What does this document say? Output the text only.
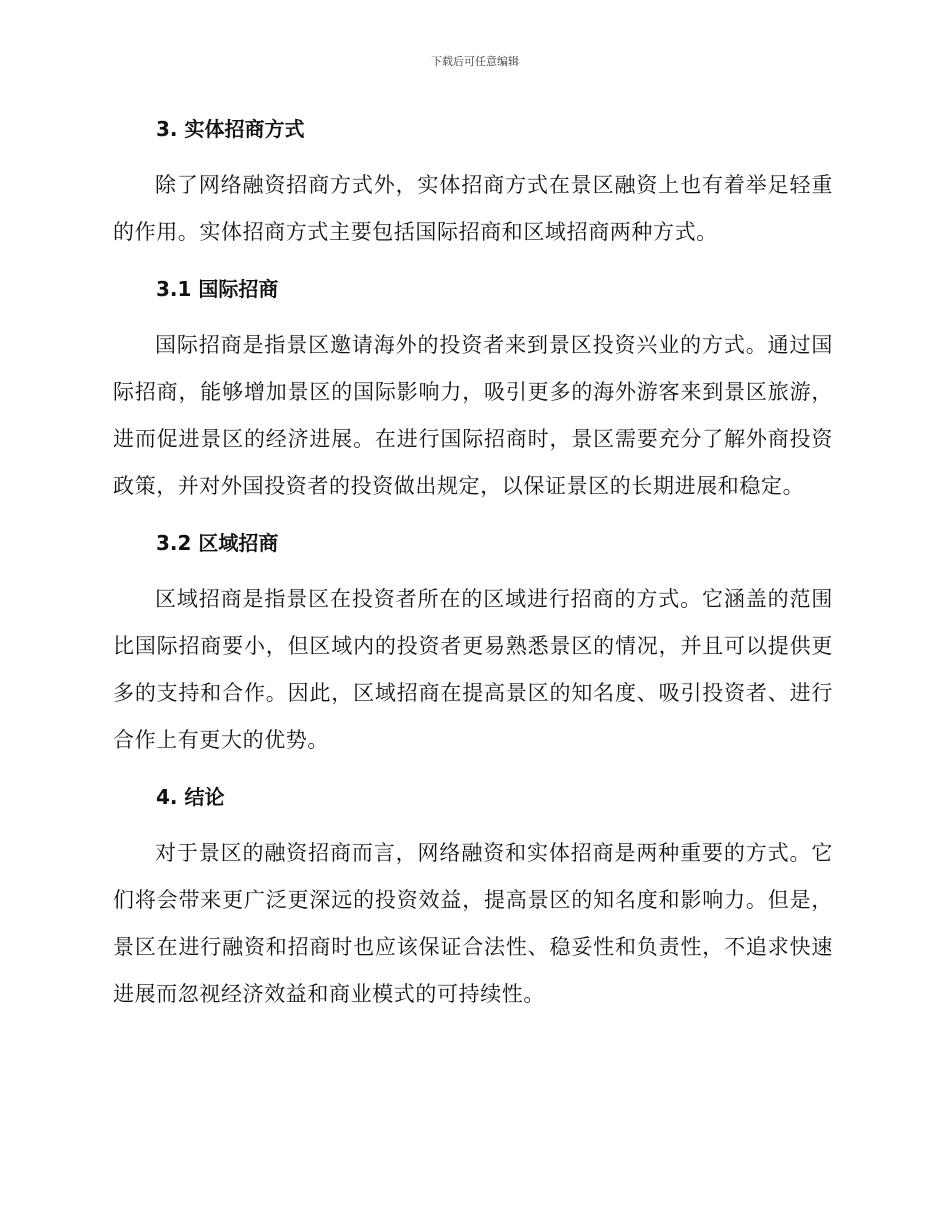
下载后可任意编辑
3. 实体招商方式

除了网络融资招商方式外，实体招商方式在景区融资上也有着举足轻重的作用。实体招商方式主要包括国际招商和区域招商两种方式。

3.1 国际招商

国际招商是指景区邀请海外的投资者来到景区投资兴业的方式。通过国际招商，能够增加景区的国际影响力，吸引更多的海外游客来到景区旅游，进而促进景区的经济进展。在进行国际招商时，景区需要充分了解外商投资政策，并对外国投资者的投资做出规定，以保证景区的长期进展和稳定。

3.2 区域招商

区域招商是指景区在投资者所在的区域进行招商的方式。它涵盖的范围比国际招商要小，但区域内的投资者更易熟悉景区的情况，并且可以提供更多的支持和合作。因此，区域招商在提高景区的知名度、吸引投资者、进行合作上有更大的优势。

4. 结论

对于景区的融资招商而言，网络融资和实体招商是两种重要的方式。它们将会带来更广泛更深远的投资效益，提高景区的知名度和影响力。但是，景区在进行融资和招商时也应该保证合法性、稳妥性和负责性，不追求快速进展而忽视经济效益和商业模式的可持续性。
